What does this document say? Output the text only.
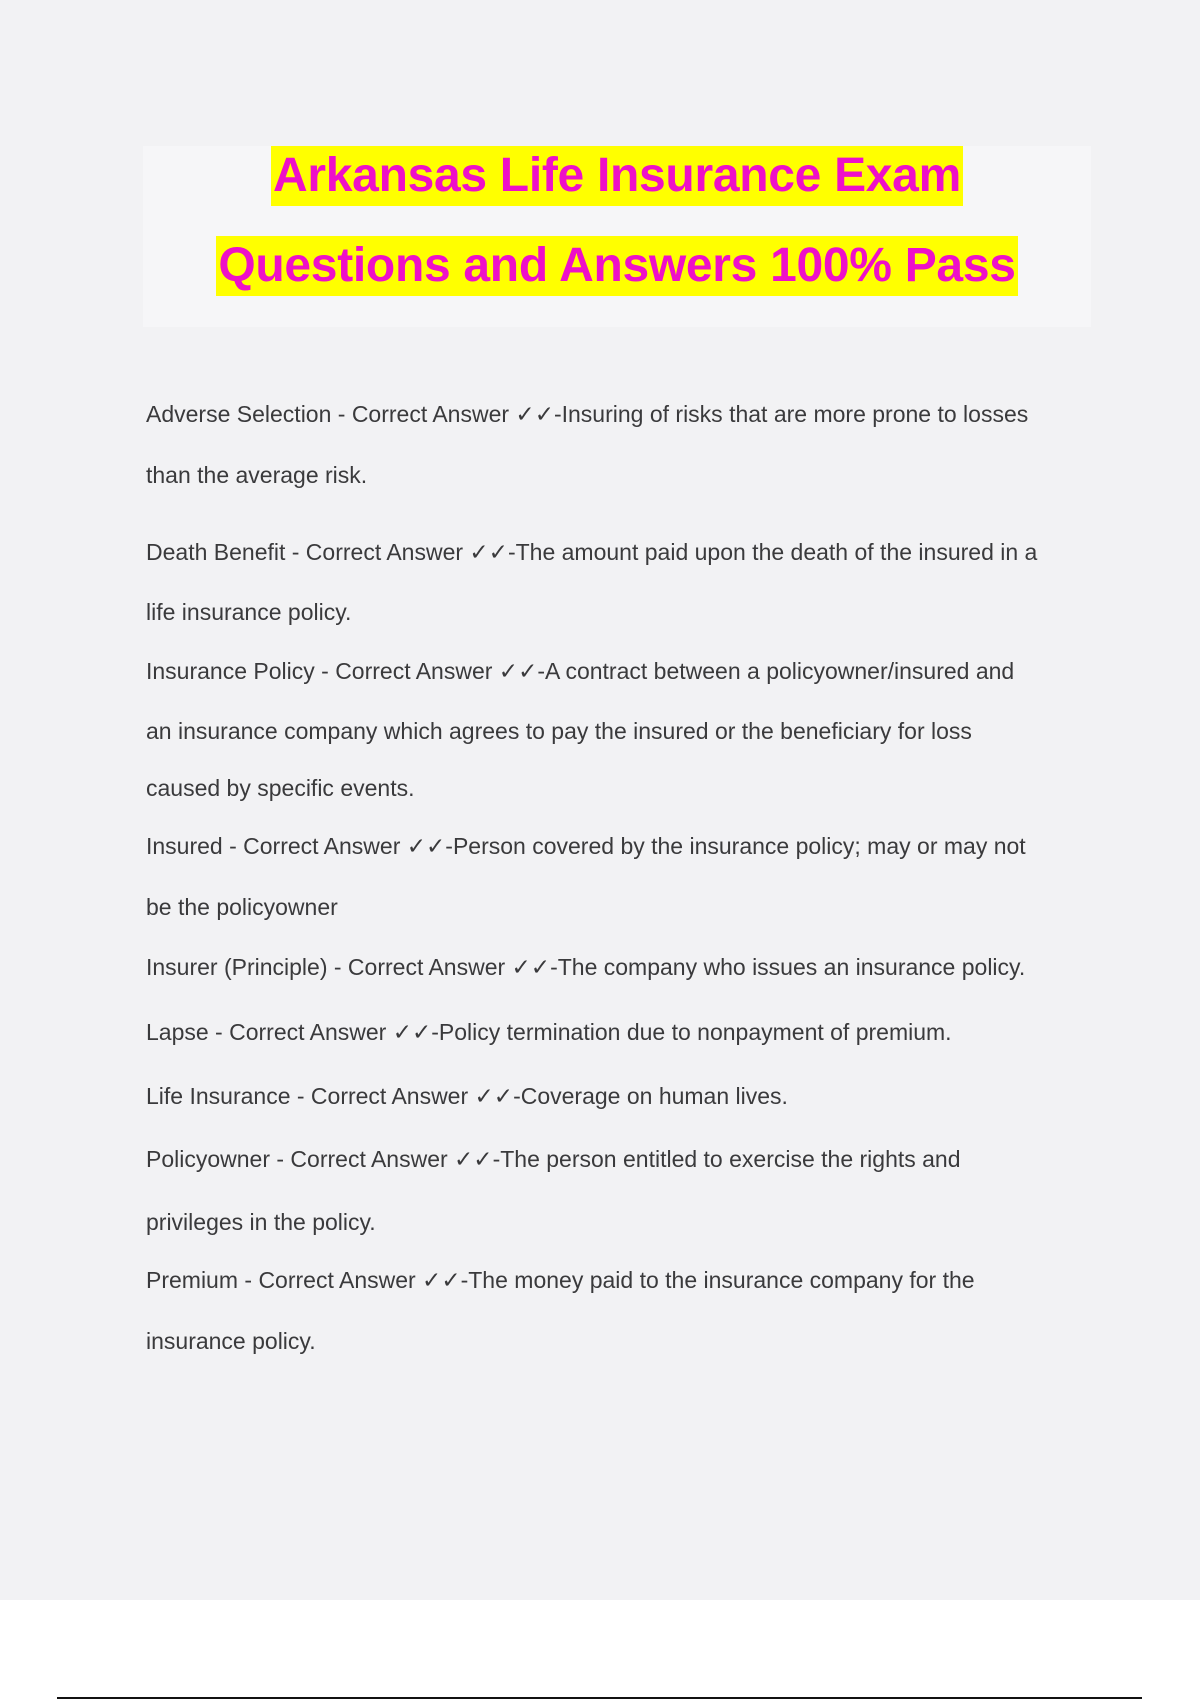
Arkansas Life Insurance Exam
Questions and Answers 100% Pass
Adverse Selection - Correct Answer ✓✓-Insuring of risks that are more prone to losses
than the average risk.
Death Benefit - Correct Answer ✓✓-The amount paid upon the death of the insured in a
life insurance policy.
Insurance Policy - Correct Answer ✓✓-A contract between a policyowner/insured and
an insurance company which agrees to pay the insured or the beneficiary for loss
caused by specific events.
Insured - Correct Answer ✓✓-Person covered by the insurance policy; may or may not
be the policyowner
Insurer (Principle) - Correct Answer ✓✓-The company who issues an insurance policy.
Lapse - Correct Answer ✓✓-Policy termination due to nonpayment of premium.
Life Insurance - Correct Answer ✓✓-Coverage on human lives.
Policyowner - Correct Answer ✓✓-The person entitled to exercise the rights and
privileges in the policy.
Premium - Correct Answer ✓✓-The money paid to the insurance company for the
insurance policy.
